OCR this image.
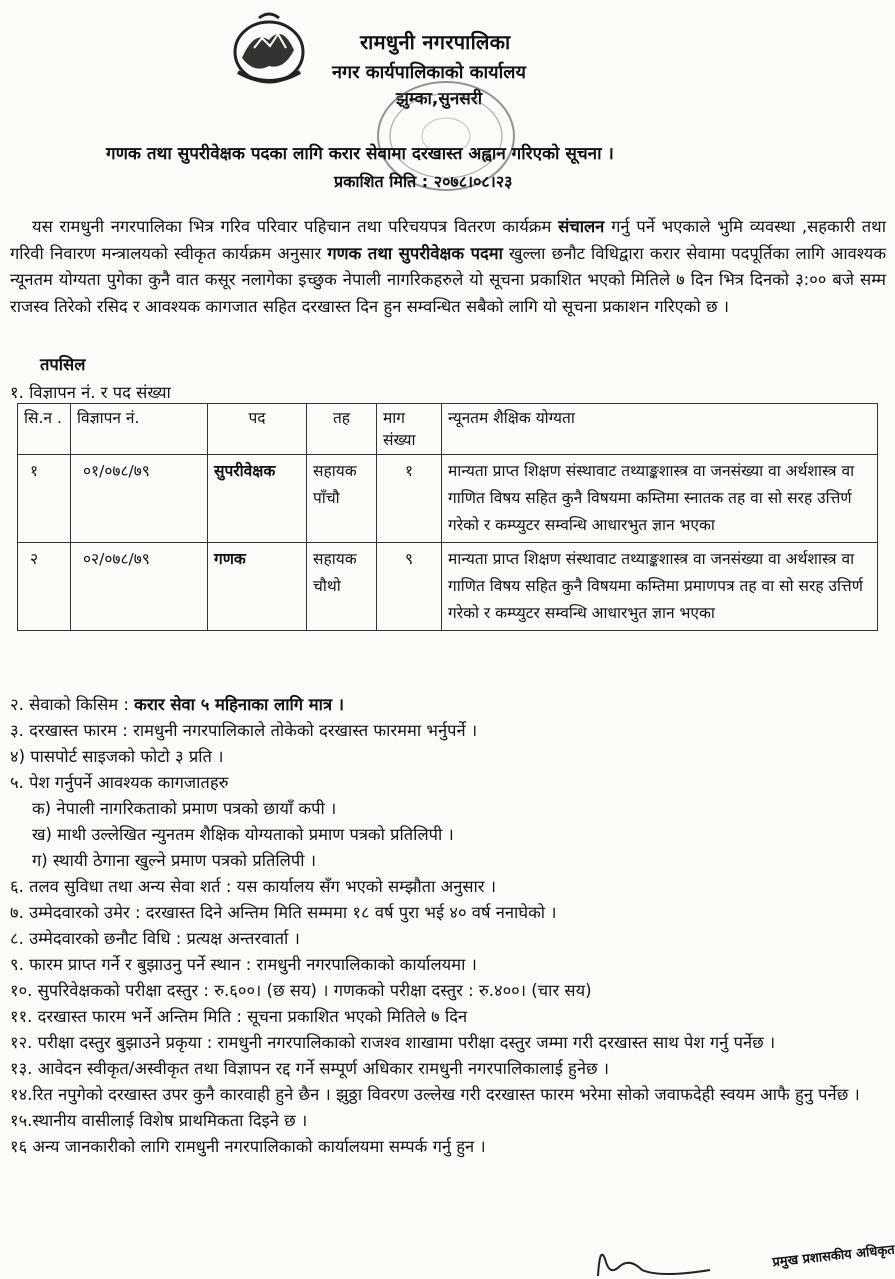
रामधुनी नगरपालिका
नगर कार्यपालिकाको कार्यालय
झुम्का,सुनसरी
गणक तथा सुपरीवेक्षक पदका लागि करार सेवामा दरखास्त अह्वान गरिएको सूचना ।
प्रकाशित मिति : २०७८।०८।२३

यस रामधुनी नगरपालिका भित्र गरिव परिवार पहिचान तथा परिचयपत्र वितरण कार्यक्रम संचालन गर्नु पर्ने भएकाले भुमि व्यवस्था ,सहकारी तथा गरिवी निवारण मन्त्रालयको स्वीकृत कार्यक्रम अनुसार गणक तथा सुपरीवेक्षक पदमा खुल्ला छनौट विधिद्वारा करार सेवामा पदपूर्तिका लागि आवश्यक न्यूनतम योग्यता पुगेका कुनै वात कसूर नलागेका इच्छुक नेपाली नागरिकहरुले यो सूचना प्रकाशित भएको मितिले ७ दिन भित्र दिनको ३:०० बजे सम्म राजस्व तिरेको रसिद र आवश्यक कागजात सहित दरखास्त दिन हुन सम्वन्धित सबैको लागि यो सूचना प्रकाशन गरिएको छ ।

तपसिल
१. विज्ञापन नं. र पद संख्या
सि.न .	विज्ञापन नं.	पद	तह	माग संख्या	न्यूनतम शैक्षिक योग्यता
१	०१/०७८/७९	सुपरीवेक्षक	सहायक पाँचौ	१	मान्यता प्राप्त शिक्षण संस्थावाट तथ्याङ्कशास्त्र वा जनसंख्या वा अर्थशास्त्र वा गाणित विषय सहित कुनै विषयमा कम्तिमा स्नातक तह वा सो सरह उत्तिर्ण गरेको र कम्प्युटर सम्वन्धि आधारभुत ज्ञान भएका
२	०२/०७८/७९	गणक	सहायक चौथो	९	मान्यता प्राप्त शिक्षण संस्थावाट तथ्याङ्कशास्त्र वा जनसंख्या वा अर्थशास्त्र वा गाणित विषय सहित कुनै विषयमा कम्तिमा प्रमाणपत्र तह वा सो सरह उत्तिर्ण गरेको र कम्प्युटर सम्वन्धि आधारभुत ज्ञान भएका

२. सेवाको किसिम : करार सेवा ५ महिनाका लागि मात्र ।

३. दरखास्त फारम : रामधुनी नगरपालिकाले तोकेको दरखास्त फारममा भर्नुपर्ने ।

४) पासपोर्ट साइजको फोटो ३ प्रति ।

५. पेश गर्नुपर्ने आवश्यक कागजातहरु

क) नेपाली नागरिकताको प्रमाण पत्रको छायाँ कपी ।

ख) माथी उल्लेखित न्युनतम शैक्षिक योग्यताको प्रमाण पत्रको प्रतिलिपी ।

ग) स्थायी ठेगाना खुल्ने प्रमाण पत्रको प्रतिलिपी ।

६. तलव सुविधा तथा अन्य सेवा शर्त : यस कार्यालय सँग भएको सम्झौता अनुसार ।

७. उम्मेदवारको उमेर : दरखास्त दिने अन्तिम मिति सम्ममा १८ वर्ष पुरा भई ४० वर्ष ननाघेको ।

८. उम्मेदवारको छनौट विधि : प्रत्यक्ष अन्तरवार्ता ।

९. फारम प्राप्त गर्ने र बुझाउनु पर्ने स्थान : रामधुनी नगरपालिकाको कार्यालयमा ।

१०. सुपरिवेक्षकको परीक्षा दस्तुर : रु.६००। (छ सय) । गणकको परीक्षा दस्तुर : रु.४००। (चार सय)

११. दरखास्त फारम भर्ने अन्तिम मिति : सूचना प्रकाशित भएको मितिले ७ दिन

१२. परीक्षा दस्तुर बुझाउने प्रकृया : रामधुनी नगरपालिकाको राजश्व शाखामा परीक्षा दस्तुर जम्मा गरी दरखास्त साथ पेश गर्नु पर्नेछ ।

१३. आवेदन स्वीकृत/अस्वीकृत तथा विज्ञापन रद्द गर्ने सम्पूर्ण अधिकार रामधुनी नगरपालिकालाई हुनेछ ।

१४.रित नपुगेको दरखास्त उपर कुनै कारवाही हुने छैन । झुठ्ठा विवरण उल्लेख गरी दरखास्त फारम भरेमा सोको जवाफदेही स्वयम आफै हुनु पर्नेछ ।

१५.स्थानीय वासीलाई विशेष प्राथमिकता दिइने छ ।

१६ अन्य जानकारीको लागि रामधुनी नगरपालिकाको कार्यालयमा सम्पर्क गर्नु हुन ।

प्रमुख प्रशासकीय अधिकृत
